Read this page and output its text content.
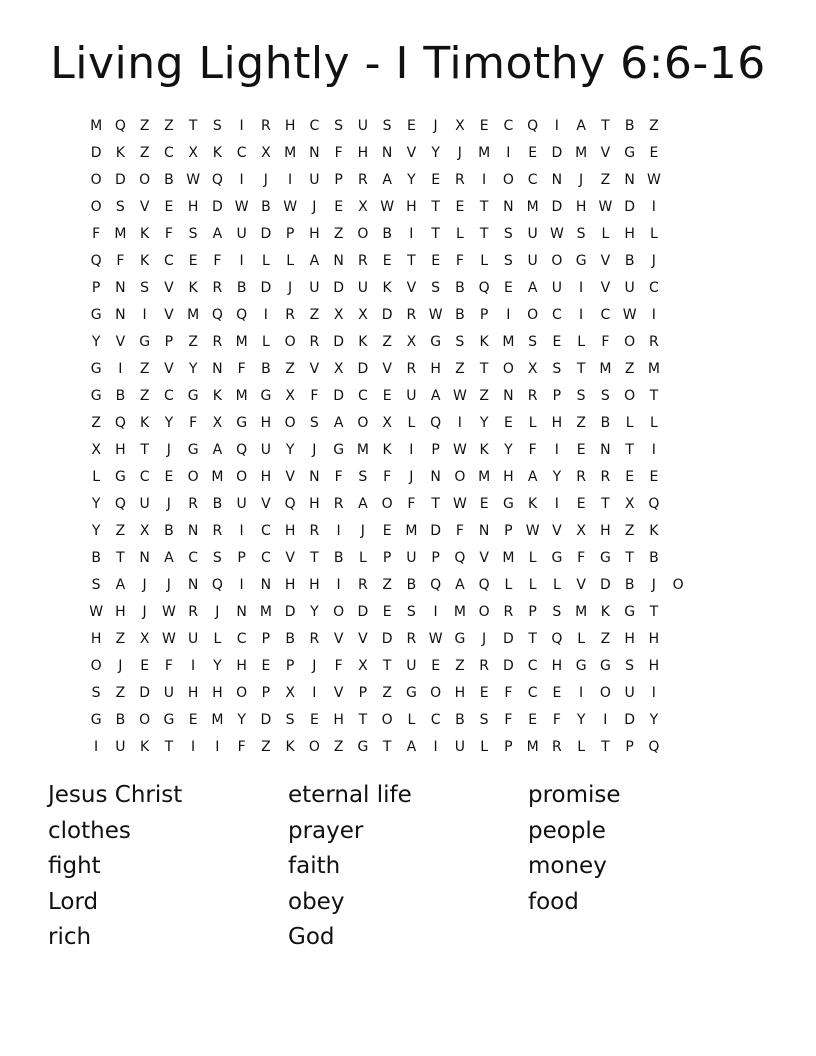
Living Lightly - I Timothy 6:6-16
M Q Z	Z	T	S	I	R	H	C	S	U	S	E	J	X	E	C Q	I	A	T	B	Z
D	K	Z	C	X	K	C	X M N	F	H N	V	Y	J	M	I	E	D M V	G	E
O D O B W Q	I	J	I	U	P	R	A	Y	E	R	I	O C	N	J	Z	N W
O	S	V	E	H D W B W	J	E	X W H	T	E	T	N M D H W D	I
F	M K	F	S	A	U D	P	H	Z O B	I	T	L	T	S	U W S	L	H	L
Q	F	K	C	E	F	I	L	L	A	N	R	E	T	E	F	L	S	U O G	V	B	J
P	N	S	V	K	R	B	D	J	U D U	K	V	S	B Q	E	A	U	I	V	U	C
G N	I	V M Q Q	I	R	Z	X	X	D R W B	P	I	O C	I	C W	I
Y	V	G	P	Z	R M	L	O R	D	K	Z	X	G	S	K M S	E	L	F	O R
G	I	Z	V	Y	N	F	B	Z	V	X	D	V	R	H	Z	T	O X	S	T M Z M
G	B	Z	C G	K M G	X	F	D C	E	U	A W Z	N	R	P	S	S	O	T
Z Q	K	Y	F	X	G H O	S	A O X	L	Q	I	Y	E	L	H	Z	B	L	L
X	H	T	J	G	A Q U	Y	J	G M K	I	P W K	Y	F	I	E	N	T	I
L	G C	E	O M O H	V	N	F	S	F	J	N O M H	A	Y	R	R	E	E
Y	Q U	J	R	B	U	V Q H	R	A O	F	T W E	G	K	I	E	T	X Q
Y	Z	X	B	N	R	I	C	H	R	I	J	E M D	F	N	P W V	X	H	Z	K
B	T	N	A	C	S	P	C	V	T	B	L	P	U	P	Q V M	L	G	F	G	T	B
S	A	J	J	N Q	I	N H H	I	R	Z	B Q A Q	L	L	L	V	D	B	J	O
W H	J	W R	J	N M D	Y	O D	E	S	I	M O R	P	S M K	G	T
H	Z	X W U	L	C	P	B	R	V	V	D R W G	J	D	T	Q	L	Z	H H
O	J	E	F	I	Y	H	E	P	J	F	X	T	U	E	Z	R	D C	H G G	S	H
S	Z	D U H H O	P	X	I	V	P	Z	G O H	E	F	C	E	I	O U	I
G	B O G	E M Y	D	S	E	H	T	O	L	C	B	S	F	E	F	Y	I	D	Y
I	U	K	T	I	I	F	Z	K	O Z	G	T	A	I	U	L	P M R	L	T	P	Q
Jesus Christ
clothes
fight
Lord
rich
eternal life
prayer
faith
obey
God
promise
people
money
food
